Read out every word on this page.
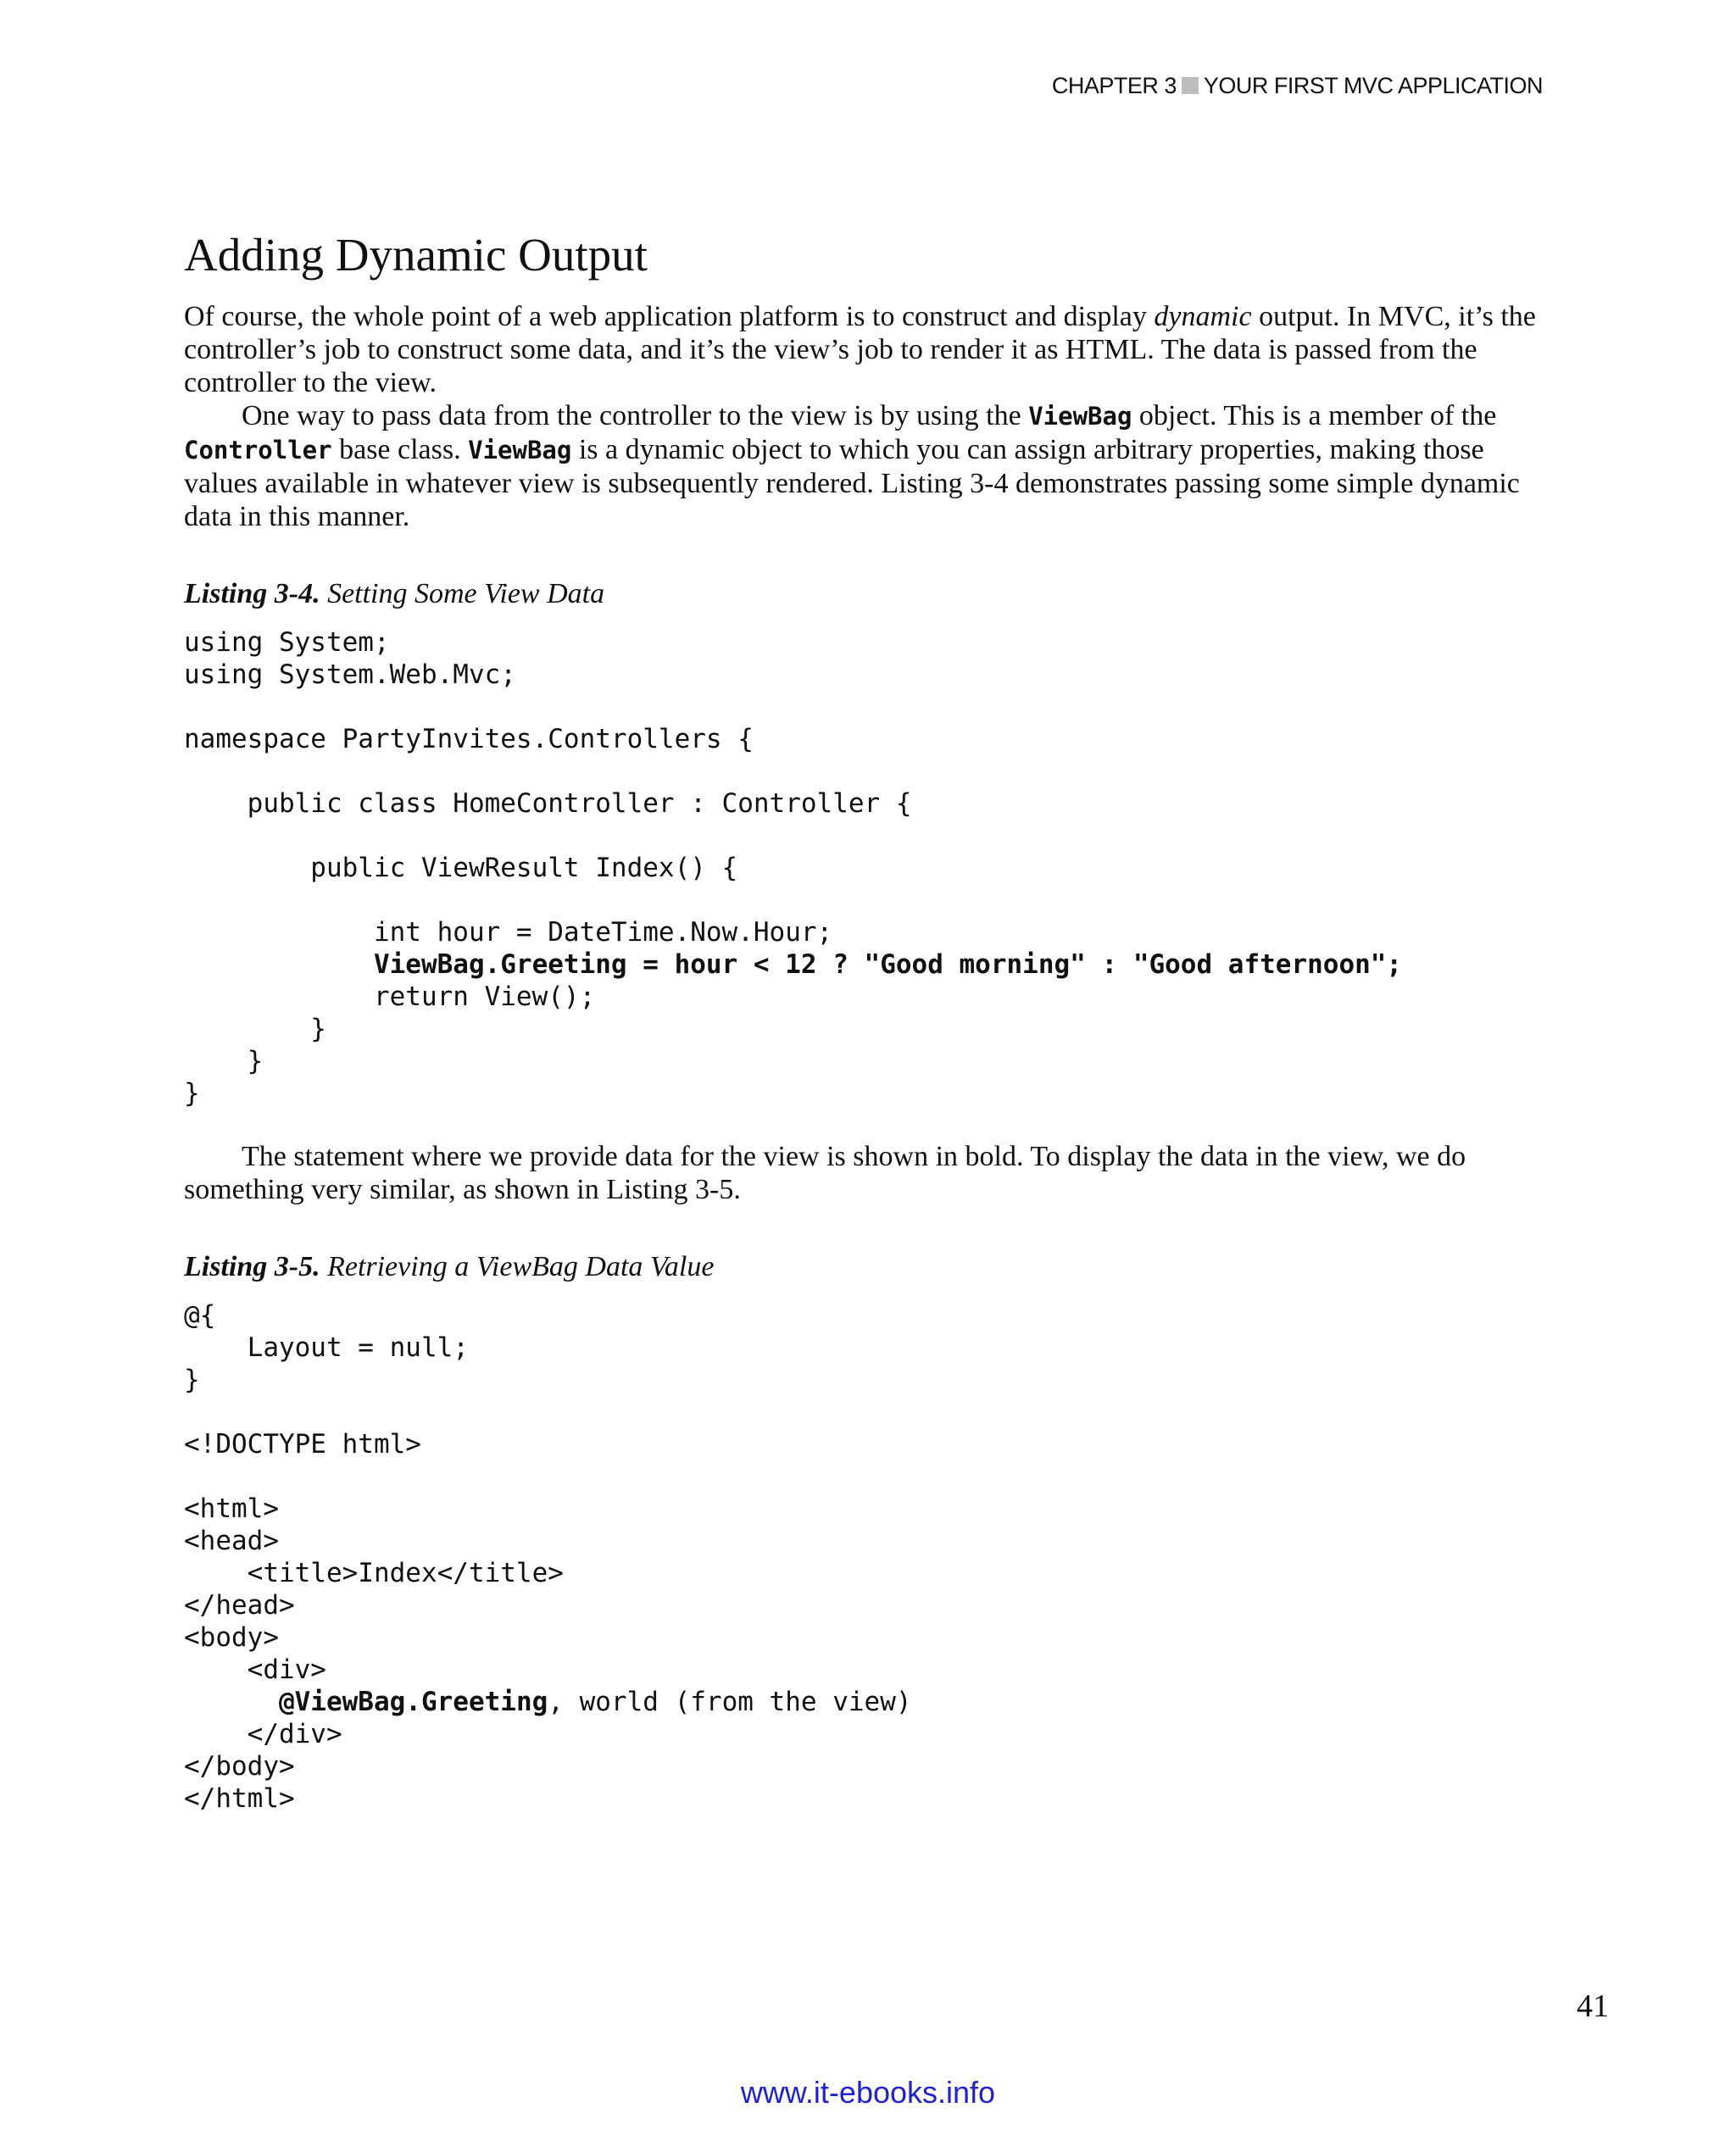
CHAPTER 3 YOUR FIRST MVC APPLICATION
Adding Dynamic Output

Of course, the whole point of a web application platform is to construct and display dynamic output. In MVC, it’s the controller’s job to construct some data, and it’s the view’s job to render it as HTML. The data is passed from the controller to the view.

One way to pass data from the controller to the view is by using the ViewBag object. This is a member of the Controller base class. ViewBag is a dynamic object to which you can assign arbitrary properties, making those values available in whatever view is subsequently rendered. Listing 3-4 demonstrates passing some simple dynamic data in this manner.

Listing 3-4. Setting Some View Data
using System;
using System.Web.Mvc;
namespace PartyInvites.Controllers {
public class HomeController : Controller {
public ViewResult Index() {
int hour = DateTime.Now.Hour;
ViewBag.Greeting = hour < 12 ? "Good morning" : "Good afternoon";
return View();
}
}
}

The statement where we provide data for the view is shown in bold. To display the data in the view, we do something very similar, as shown in Listing 3-5.

Listing 3-5. Retrieving a ViewBag Data Value
@{
Layout = null;
}
<!DOCTYPE html>
<html>
<head>
<title>Index</title>
</head>
<body>
<div>
@ViewBag.Greeting, world (from the view)
</div>
</body>
</html>
41
www.it-ebooks.info
